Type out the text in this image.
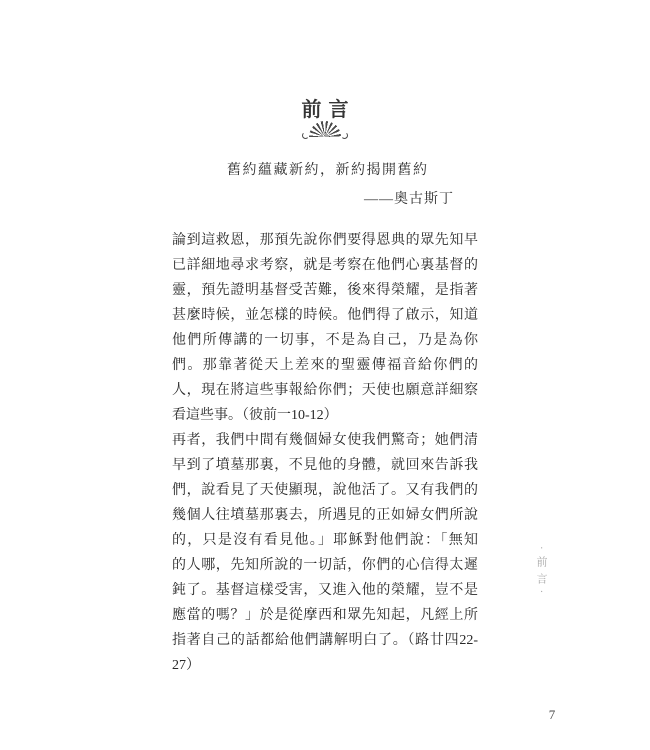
前言
舊約蘊藏新約，新約揭開舊約
——奧古斯丁
論到這救恩，那預先說你們要得恩典的眾先知早
已詳細地尋求考察，就是考察在他們心裏基督的
靈，預先證明基督受苦難，後來得榮耀，是指著
甚麼時候，並怎樣的時候。他們得了啟示，知道
他們所傳講的一切事，不是為自己，乃是為你
們。那靠著從天上差來的聖靈傳福音給你們的
人，現在將這些事報給你們；天使也願意詳細察
看這些事。（彼前一10-12）
再者，我們中間有幾個婦女使我們驚奇；她們清
早到了墳墓那裏，不見他的身體，就回來告訴我
們，說看見了天使顯現，說他活了。又有我們的
幾個人往墳墓那裏去，所遇見的正如婦女們所說
的，只是沒有看見他。」耶穌對他們說：「無知
的人哪，先知所說的一切話，你們的心信得太遲
鈍了。基督這樣受害，又進入他的榮耀，豈不是
應當的嗎？」於是從摩西和眾先知起，凡經上所
指著自己的話都給他們講解明白了。（路廿四22-
27）
·前言·
7
